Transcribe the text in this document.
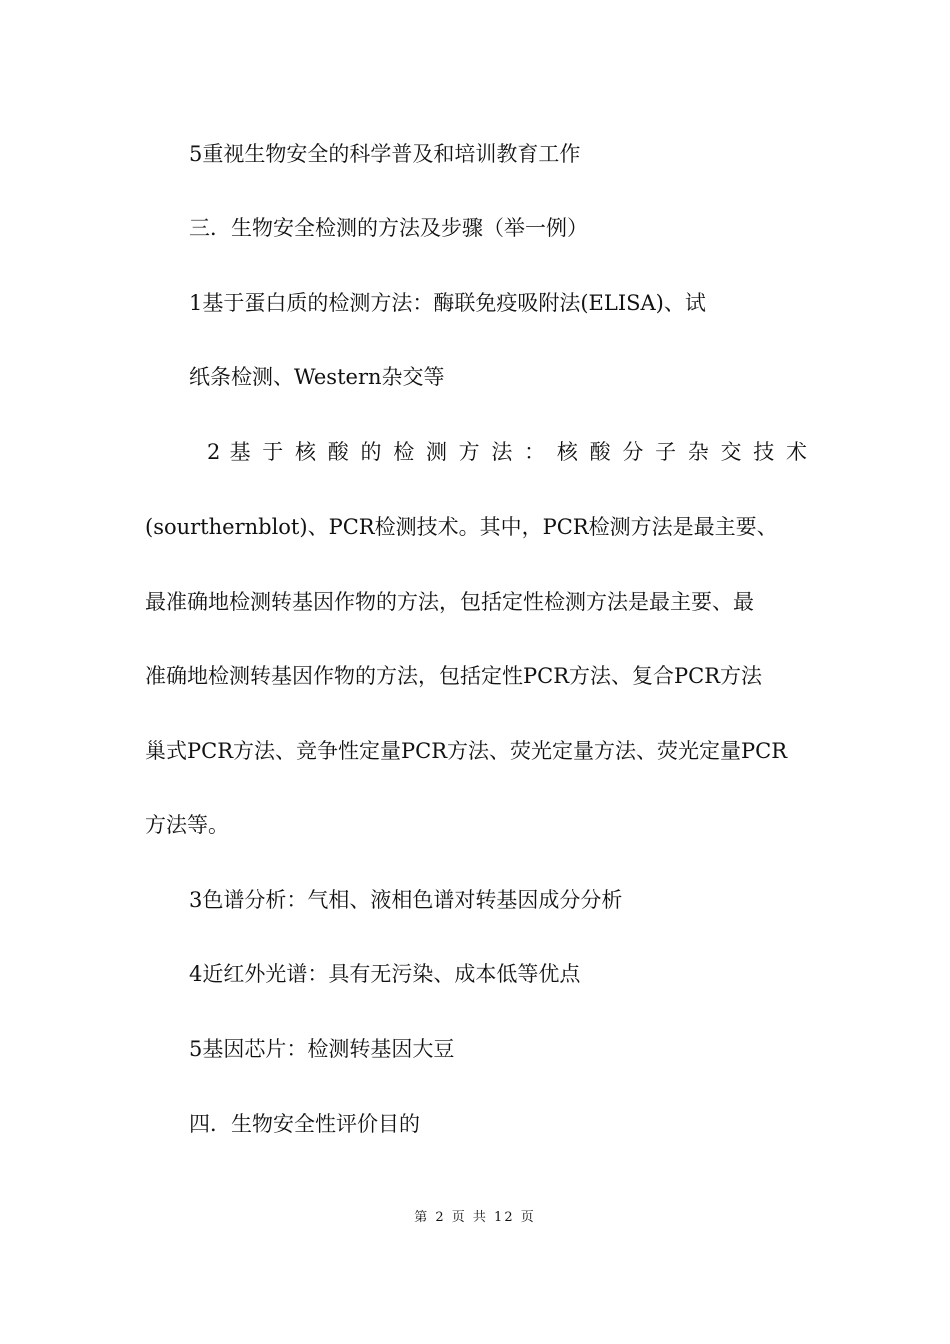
5重视生物安全的科学普及和培训教育工作
三．生物安全检测的方法及步骤（举一例）
1基于蛋白质的检测方法：酶联免疫吸附法(ELISA)、试
纸条检测、Western杂交等
2 基 于 核 酸 的 检 测 方 法 ： 核 酸 分 子 杂 交 技 术
(sourthernblot)、PCR检测技术。其中，PCR检测方法是最主要、
最准确地检测转基因作物的方法，包括定性检测方法是最主要、最
准确地检测转基因作物的方法，包括定性PCR方法、复合PCR方法
巢式PCR方法、竞争性定量PCR方法、荧光定量方法、荧光定量PCR
方法等。
3色谱分析：气相、液相色谱对转基因成分分析
4近红外光谱：具有无污染、成本低等优点
5基因芯片：检测转基因大豆
四．生物安全性评价目的
第 2 页 共 12 页
